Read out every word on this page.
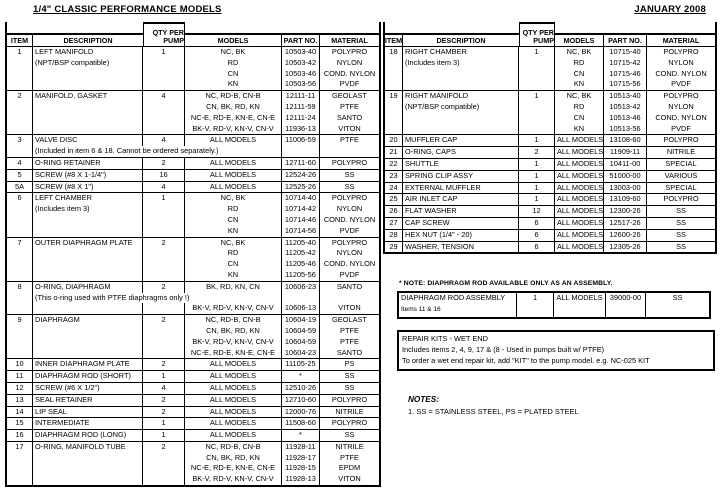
1/4" CLASSIC PERFORMANCE MODELS	JANUARY 2008
ITEM	DESCRIPTION
QTY PER
PUMP	MODELS	PART NO.	MATERIAL
1	LEFT MANIFOLD	1	NC, BK	10503-40	POLYPRO
(NPT/BSP compatible)	RD	10503-42	NYLON
CN	10503-46	COND. NYLON
KN	10503-56	PVDF
2	MANIFOLD, GASKET	4	NC, RD-B, CN-B	12111-11	GEOLAST
CN, BK, RD, KN	12111-59	PTFE
NC-E, RD-E, KN-E, CN-E	12111-24	SANTO
BK-V, RD-V, KN-V, CN-V	11936-13	VITON
3	VALVE DISC	4	ALL MODELS	11006-59	PTFE
(Included in item 6 & 18. Cannot be ordered separately.)
4	O-RING RETAINER	2	ALL MODELS	12711-60	POLYPRO
5	SCREW (#8 X 1-1/4")	16	ALL MODELS	12524-26	SS
5A	SCREW (#8 X 1")	4	ALL MODELS	12525-26	SS
6	LEFT CHAMBER	1	NC, BK	10714-40	POLYPRO
(Includes item 3)	RD	10714-42	NYLON
CN	10714-46	COND. NYLON
KN	10714-56	PVDF
7	OUTER DIAPHRAGM PLATE	2	NC, BK	11205-40	POLYPRO
RD	11205-42	NYLON
CN	11205-46	COND. NYLON
KN	11205-56	PVDF
8	O-RING, DIAPHRAGM	2	BK, RD, KN, CN	10606-23	SANTO
(This o-ring used with PTFE diaphragms only !)
BK-V, RD-V, KN-V, CN-V	10606-13	VITON
9	DIAPHRAGM	2	NC, RD-B, CN-B	10604-19	GEOLAST
CN, BK, RD, KN	10604-59	PTFE
BK-V, RD-V, KN-V, CN-V	10604-59	PTFE
NC-E, RD-E, KN-E, CN-E	10604-23	SANTO
10	INNER DIAPHRAGM PLATE	2	ALL MODELS	11105-25	PS
11	DIAPHRAGM ROD (SHORT)	1	ALL MODELS	*	SS
12	SCREW (#6 X 1/2")	4	ALL MODELS	12510-26	SS
13	SEAL RETAINER	2	ALL MODELS	12710-60	POLYPRO
14	LIP SEAL	2	ALL MODELS	12000-76	NITRILE
15	INTERMEDIATE	1	ALL MODELS	11508-60	POLYPRO
16	DIAPHRAGM ROD (LONG)	1	ALL MODELS	*	SS
17	O-RING, MANIFOLD TUBE	2	NC, RD-B, CN-B	11928-11	NITRILE
CN, BK, RD, KN	11928-17	PTFE
NC-E, RD-E, KN-E, CN-E	11928-15	EPDM
BK-V, RD-V, KN-V, CN-V	11928-13	VITON
ITEM	DESCRIPTION
QTY PER
PUMP	MODELS	PART NO.	MATERIAL
18 RIGHT CHAMBER	1	NC, BK	10715-40	POLYPRO
(Includes item 3)	RD	10715-42	NYLON
CN	10715-46	COND. NYLON
KN	10715-56	PVDF
19 RIGHT MANIFOLD	1	NC, BK	10513-40	POLYPRO
(NPT/BSP compatible)	RD	10513-42	NYLON
CN	10513-46	COND. NYLON
KN	10513-56	PVDF
20 MUFFLER CAP	1	ALL MODELS 13108-60	POLYPRO
21 O-RING, CAPS	2	ALL MODELS 11909-11	NITRILE
22 SHUTTLE	1	ALL MODELS 10411-00	SPECIAL
23 SPRING CLIP ASSY	1	ALL MODELS 51000-00	VARIOUS
24 EXTERNAL MUFFLER	1	ALL MODELS 13003-00	SPECIAL
25 AIR INLET CAP	1	ALL MODELS 13109-60	POLYPRO
26 FLAT WASHER	12	ALL MODELS 12300-26	SS
27 CAP SCREW	6	ALL MODELS 12517-26	SS
28 HEX NUT (1/4" - 20)	6	ALL MODELS 12600-26	SS
29 WASHER, TENSION	6	ALL MODELS 12305-26	SS
* NOTE: DIAPHRAGM ROD AVAILABLE ONLY AS AN ASSEMBLY.
DIAPHRAGM ROD ASSEMBLY
Items 11 & 16
1	ALL MODELS 39000-00	SS
REPAIR KITS - WET END
Includes items 2, 4, 9, 17 & (8 - Used in pumps built w/ PTFE)
To order a wet end repair kit, add "KIT" to the pump model. e.g. NC-025 KIT
NOTES:
1. SS = STAINLESS STEEL, PS = PLATED STEEL
